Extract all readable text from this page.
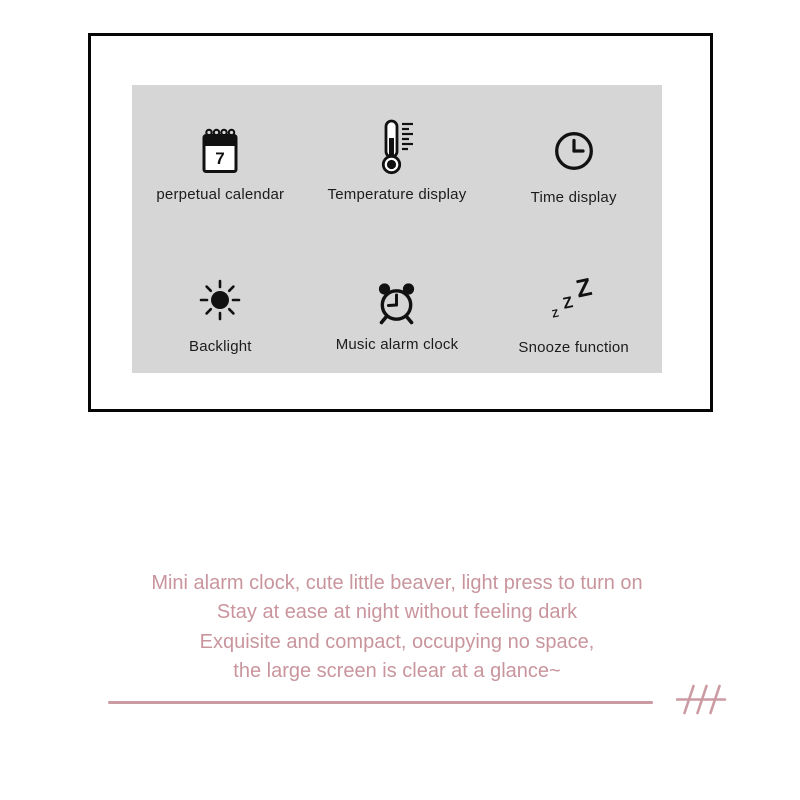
7
perpetual calendar	Temperature display	Time display
Backlight	Music alarm clock
Z
Z
Z
Snooze function
Mini alarm clock, cute little beaver, light press to turn on
Stay at ease at night without feeling dark
Exquisite and compact, occupying no space,
the large screen is clear at a glance~
